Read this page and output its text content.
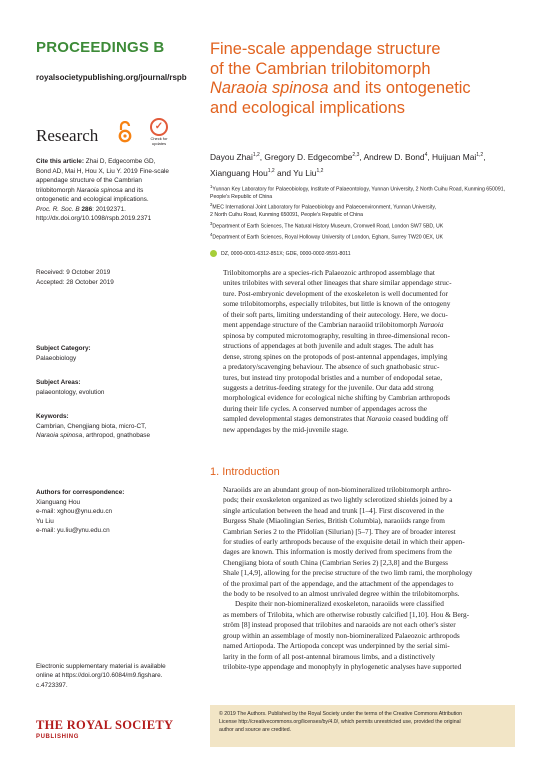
PROCEEDINGS B
royalsocietypublishing.org/journal/rspb
Research	✓
Check for
updates
Cite this article: Zhai D, Edgecombe GD,
Bond AD, Mai H, Hou X, Liu Y. 2019 Fine-scale
appendage structure of the Cambrian
trilobitomorph Naraoia spinosa and its
ontogenetic and ecological implications.
Proc. R. Soc. B 286: 20192371.
http://dx.doi.org/10.1098/rspb.2019.2371
Received: 9 October 2019
Accepted: 28 October 2019
Subject Category:
Palaeobiology
Subject Areas:
palaeontology, evolution
Keywords:
Cambrian, Chengjiang biota, micro-CT,
Naraoia spinosa, arthropod, gnathobase
Authors for correspondence:
Xianguang Hou
e-mail: xghou@ynu.edu.cn
Yu Liu
e-mail: yu.liu@ynu.edu.cn
Electronic supplementary material is available
online at https://doi.org/10.6084/m9.figshare.
c.4723397.
THE ROYAL SOCIETY
PUBLISHING
Fine-scale appendage structure
of the Cambrian trilobitomorph
Naraoia spinosa and its ontogenetic
and ecological implications
Dayou Zhai$^{1,2}$, Gregory D. Edgecombe$^{2,3}$, Andrew D. Bond$^4$, Huijuan Mai$^{1,2}$,
Xianguang Hou$^{1,2}$ and Yu Liu$^{1,2}$
$^1$Yunnan Key Laboratory for Palaeobiology, Institute of Palaeontology, Yunnan University, 2 North Cuihu Road, Kunming 650091,
People's Republic of China
$^2$MEC International Joint Laboratory for Palaeobiology and Palaeoenvironment, Yunnan University,
2 North Cuihu Road, Kunming 650091, People's Republic of China
$^3$Department of Earth Sciences, The Natural History Museum, Cromwell Road, London SW7 5BD, UK
$^4$Department of Earth Sciences, Royal Holloway University of London, Egham, Surrey TW20 0EX, UK
DZ, 0000-0001-6312-851X; GDE, 0000-0002-9591-8011
Trilobitomorphs are a species-rich Palaeozoic arthropod assemblage that
unites trilobites with several other lineages that share similar appendage struc-
ture. Post-embryonic development of the exoskeleton is well documented for
some trilobitomorphs, especially trilobites, but little is known of the ontogeny
of their soft parts, limiting understanding of their autecology. Here, we docu-
ment appendage structure of the Cambrian naraoiid trilobitomorph Naraoia
spinosa by computed microtomography, resulting in three-dimensional recon-
structions of appendages at both juvenile and adult stages. The adult has
dense, strong spines on the protopods of post-antennal appendages, implying
a predatory/scavenging behaviour. The absence of such gnathobasic struc-
tures, but instead tiny protopodal bristles and a number of endopodal setae,
suggests a detritus-feeding strategy for the juvenile. Our data add strong
morphological evidence for ecological niche shifting by Cambrian arthropods
during their life cycles. A conserved number of appendages across the
sampled developmental stages demonstrates that Naraoia ceased budding off
new appendages by the mid-juvenile stage.
1. Introduction
Naraoiids are an abundant group of non-biomineralized trilobitomorph arthro-
pods; their exoskeleton organized as two lightly sclerotized shields joined by a
single articulation between the head and trunk [1–4]. First discovered in the
Burgess Shale (Miaolingian Series, British Columbia), naraoiids range from
Cambrian Series 2 to the Přídolían (Silurian) [5–7]. They are of broader interest
for studies of early arthropods because of the exquisite detail in which their appen-
dages are known. This information is mostly derived from specimens from the
Chengjiang biota of south China (Cambrian Series 2) [2,3,8] and the Burgess
Shale [1,4,9], allowing for the precise structure of the two limb rami, the morphology
of the proximal part of the appendage, and the attachment of the appendages to
the body to be resolved to an almost unrivaled degree within the trilobitomorphs.
Despite their non-biomineralized exoskeleton, naraoiids were classified
as members of Trilobita, which are otherwise robustly calcified [1,10]. Hou & Berg-
ström [8] instead proposed that trilobites and naraoids are not each other's sister
group within an assemblage of mostly non-biomineralized Palaeozoic arthropods
named Artiopoda. The Artiopoda concept was underpinned by the serial simi-
larity in the form of all post-antennal biramous limbs, and a distinctively
trilobite-type appendage and monophyly in phylogenetic analyses have supported
© 2019 The Authors. Published by the Royal Society under the terms of the Creative Commons Attribution
License http://creativecommons.org/licenses/by/4.0/, which permits unrestricted use, provided the original
author and source are credited.
